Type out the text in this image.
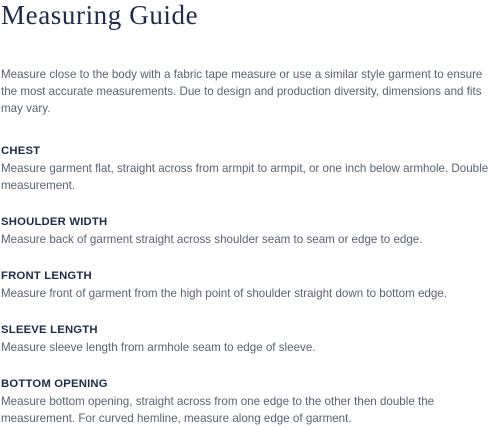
Measuring Guide

Measure close to the body with a fabric tape measure or use a similar style garment to ensure the most accurate measurements. Due to design and production diversity, dimensions and fits may vary.

CHEST

Measure garment flat, straight across from armpit to armpit, or one inch below armhole. Double measurement.

SHOULDER WIDTH

Measure back of garment straight across shoulder seam to seam or edge to edge.

FRONT LENGTH

Measure front of garment from the high point of shoulder straight down to bottom edge.

SLEEVE LENGTH

Measure sleeve length from armhole seam to edge of sleeve.

BOTTOM OPENING

Measure bottom opening, straight across from one edge to the other then double the measurement. For curved hemline, measure along edge of garment.
